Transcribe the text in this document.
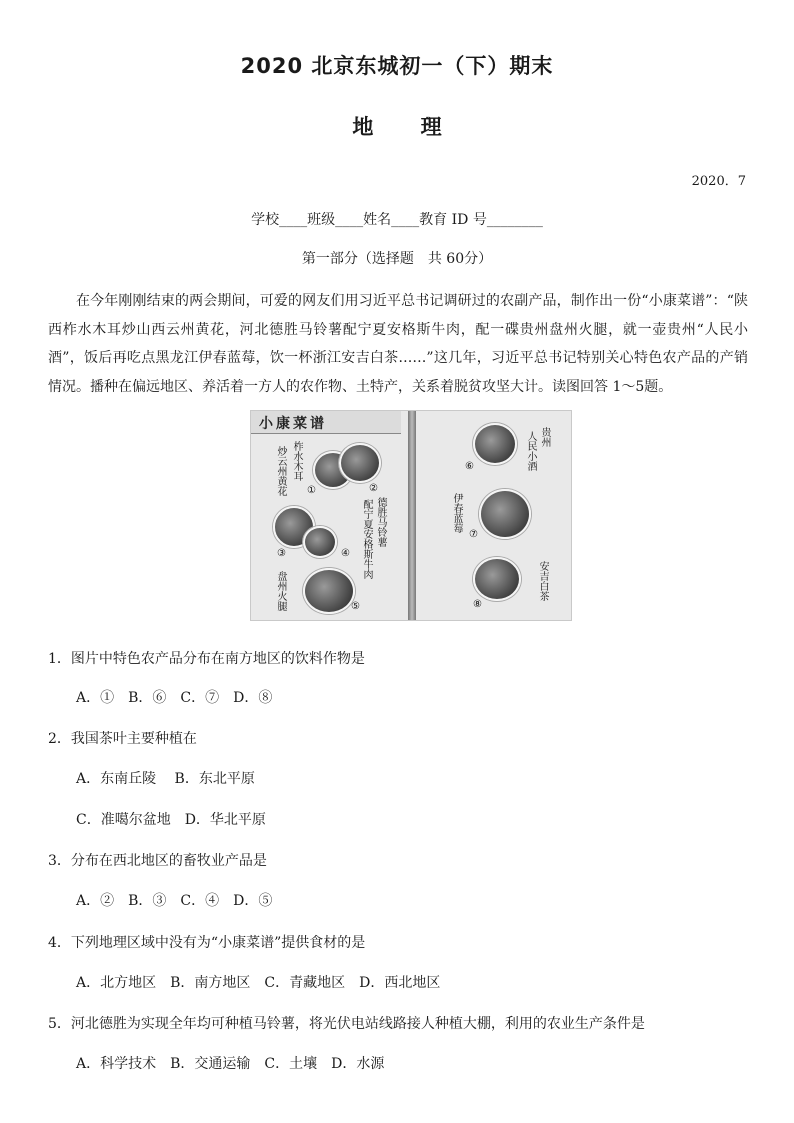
2020 北京东城初一（下）期末
地 理
2020．7
学校____班级____姓名____教育 ID 号________
第一部分（选择题　共 60分）
在今年刚刚结束的两会期间，可爱的网友们用习近平总书记调研过的农副产品，制作出一份“小康菜谱”：“陕西柞水木耳炒山西云州黄花，河北德胜马铃薯配宁夏安格斯牛肉，配一碟贵州盘州火腿，就一壶贵州“人民小酒”，饭后再吃点黑龙江伊春蓝莓，饮一杯浙江安吉白茶……”这几年，习近平总书记特别关心特色农产品的产销情况。播种在偏远地区、养活着一方人的农作物、土特产，关系着脱贫攻坚大计。读图回答 1～5题。
小康菜谱
炒云州黄花 柞水木耳
①	②
③	④
德胜马铃薯
配宁夏安格斯牛肉
盘州火腿	⑤
⑥
贵州
人民小酒
伊春蓝莓
⑦
⑧
安吉白茶
1．图片中特色农产品分布在南方地区的饮料作物是
A．①　B．⑥　C．⑦　D．⑧
2．我国茶叶主要种植在
A．东南丘陵　 B．东北平原
C．准噶尔盆地　D．华北平原
3．分布在西北地区的畜牧业产品是
A．②　B．③　C．④　D．⑤
4．下列地理区域中没有为“小康菜谱”提供食材的是
A．北方地区　B．南方地区　C．青藏地区　D．西北地区
5．河北德胜为实现全年均可种植马铃薯，将光伏电站线路接人种植大棚，利用的农业生产条件是
A．科学技术　B．交通运输　C．土壤　D．水源
